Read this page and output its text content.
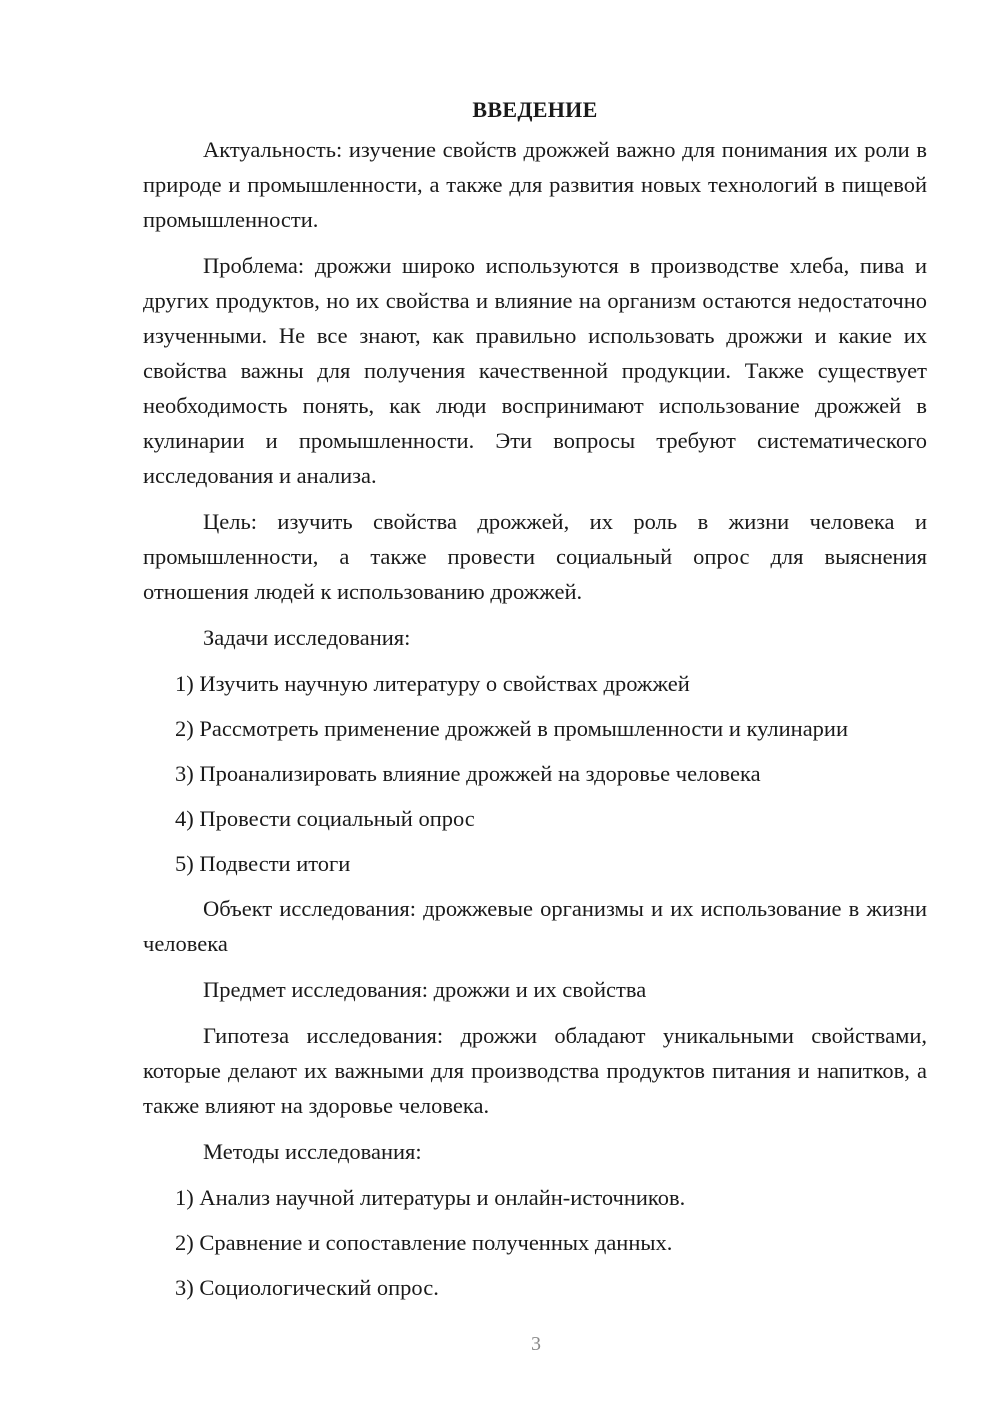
ВВЕДЕНИЕ

Актуальность: изучение свойств дрожжей важно для понимания их роли в природе и промышленности, а также для развития новых технологий в пищевой промышленности.

Проблема: дрожжи широко используются в производстве хлеба, пива и других продуктов, но их свойства и влияние на организм остаются недостаточно изученными. Не все знают, как правильно использовать дрожжи и какие их свойства важны для получения качественной продукции. Также существует необходимость понять, как люди воспринимают использование дрожжей в кулинарии и промышленности. Эти вопросы требуют систематического исследования и анализа.

Цель: изучить свойства дрожжей, их роль в жизни человека и промышленности, а также провести социальный опрос для выяснения отношения людей к использованию дрожжей.

Задачи исследования:

1) Изучить научную литературу о свойствах дрожжей
2) Рассмотреть применение дрожжей в промышленности и кулинарии
3) Проанализировать влияние дрожжей на здоровье человека
4) Провести социальный опрос
5) Подвести итоги

Объект исследования: дрожжевые организмы и их использование в жизни человека

Предмет исследования: дрожжи и их свойства

Гипотеза исследования: дрожжи обладают уникальными свойствами, которые делают их важными для производства продуктов питания и напитков, а также влияют на здоровье человека.

Методы исследования:

1) Анализ научной литературы и онлайн-источников.
2) Сравнение и сопоставление полученных данных.
3) Социологический опрос.
3
